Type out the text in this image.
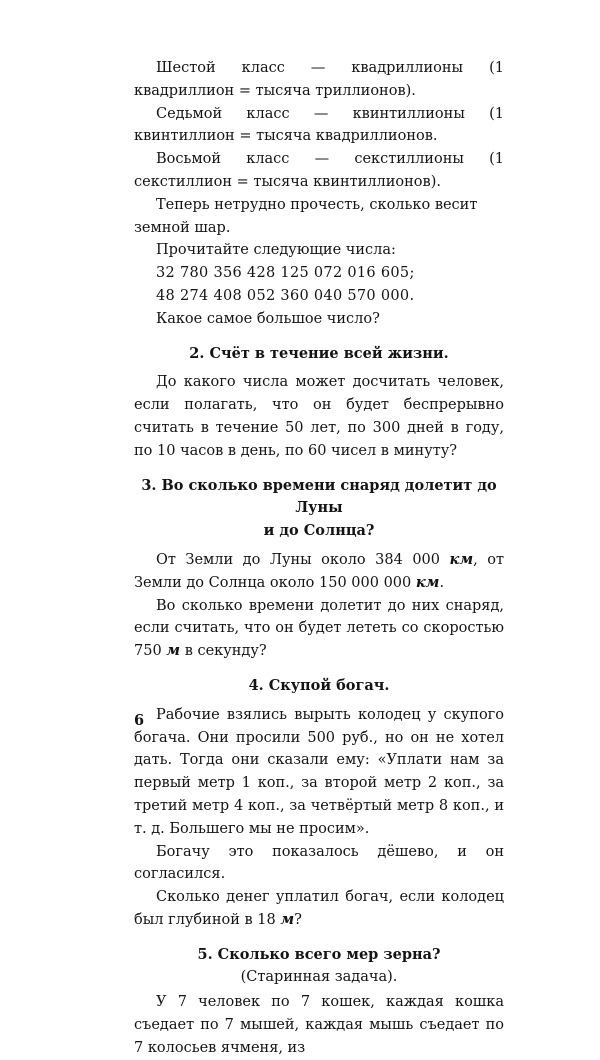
Шестой класс — квадриллионы (1 квадриллион = тысяча триллионов).

Седьмой класс — квинтиллионы (1 квинтиллион = тысяча квадриллионов.

Восьмой класс — секстиллионы (1 секстиллион = тысяча квинтиллионов).

Теперь нетрудно прочесть, сколько весит земной шар.

Прочитайте следующие числа:

32 780 356 428 125 072 016 605;

48 274 408 052 360 040 570 000.

Какое самое большое число?

2. Счёт в течение всей жизни.

До какого числа может досчитать человек, если полагать, что он будет беспрерывно считать в течение 50 лет, по 300 дней в году, по 10 часов в день, по 60 чисел в минуту?

3. Во сколько времени снаряд долетит до Луны
и до Солнца?

От Земли до Луны около 384 000 км, от Земли до Солнца около 150 000 000 км.

Во сколько времени долетит до них снаряд, если считать, что он будет лететь со скоростью 750 м в секунду?

4. Скупой богач.

Рабочие взялись вырыть колодец у скупого богача. Они просили 500 руб., но он не хотел дать. Тогда они сказали ему: «Уплати нам за первый метр 1 коп., за второй метр 2 коп., за третий метр 4 коп., за четвёртый метр 8 коп., и т. д. Большего мы не просим».

Богачу это показалось дёшево, и он согласился.

Сколько денег уплатил богач, если колодец был глубиной в 18 м?

5. Сколько всего мер зерна?

(Старинная задача).

У 7 человек по 7 кошек, каждая кошка съедает по 7 мышей, каждая мышь съедает по 7 колосьев ячменя, из

6
